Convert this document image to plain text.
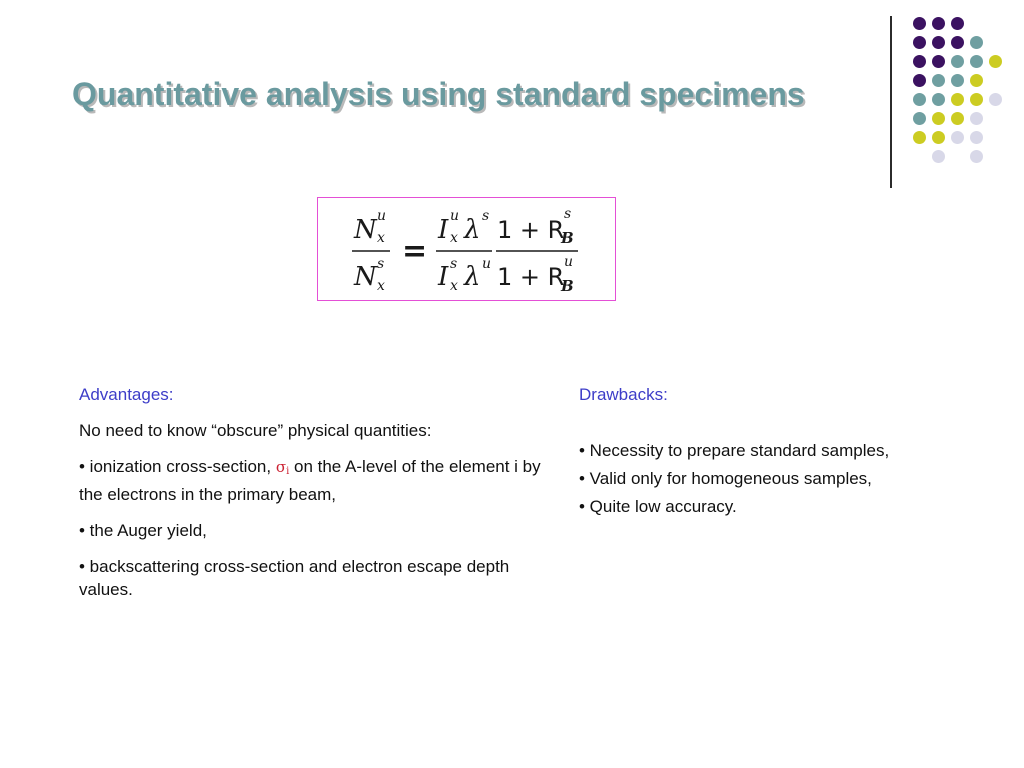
Quantitative analysis using standard specimens
N u
x
N s
x
=
I u
x λ s
I s
x λ u
1 + R
s
B
1 + R
u
B

Advantages:

No need to know “obscure” physical quantities:

• ionization cross-section, σi on the A-level of the element i by the electrons in the primary beam,

• the Auger yield,

• backscattering cross-section and electron escape depth values.

Drawbacks:

• Necessity to prepare standard samples,

• Valid only for homogeneous samples,

• Quite low accuracy.
